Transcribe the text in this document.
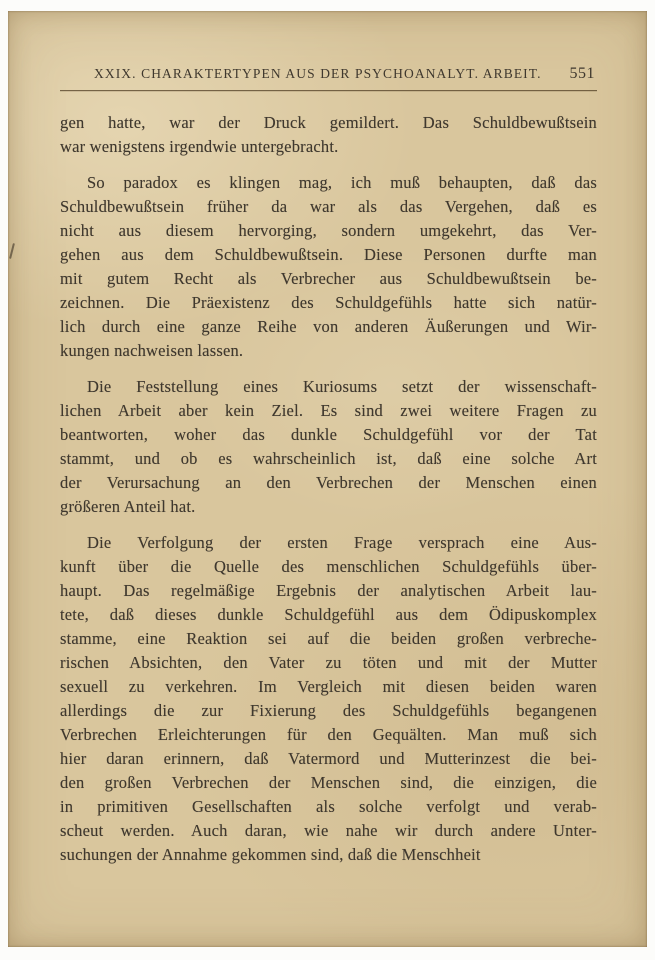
XXIX. CHARAKTERTYPEN AUS DER PSYCHOANALYT. ARBEIT.	551

gen hatte, war der Druck gemildert. Das Schuldbewußtsein
war wenigstens irgendwie untergebracht.

So paradox es klingen mag, ich muß behaupten, daß das
Schuldbewußtsein früher da war als das Vergehen, daß es
nicht aus diesem hervorging, sondern umgekehrt, das Ver-
gehen aus dem Schuldbewußtsein. Diese Personen durfte man
mit gutem Recht als Verbrecher aus Schuldbewußtsein be-
zeichnen. Die Präexistenz des Schuldgefühls hatte sich natür-
lich durch eine ganze Reihe von anderen Äußerungen und Wir-
kungen nachweisen lassen.

Die Feststellung eines Kuriosums setzt der wissenschaft-
lichen Arbeit aber kein Ziel. Es sind zwei weitere Fragen zu
beantworten, woher das dunkle Schuldgefühl vor der Tat
stammt, und ob es wahrscheinlich ist, daß eine solche Art
der Verursachung an den Verbrechen der Menschen einen
größeren Anteil hat.

Die Verfolgung der ersten Frage versprach eine Aus-
kunft über die Quelle des menschlichen Schuldgefühls über-
haupt. Das regelmäßige Ergebnis der analytischen Arbeit lau-
tete, daß dieses dunkle Schuldgefühl aus dem Ödipuskomplex
stamme, eine Reaktion sei auf die beiden großen verbreche-
rischen Absichten, den Vater zu töten und mit der Mutter
sexuell zu verkehren. Im Vergleich mit diesen beiden waren
allerdings die zur Fixierung des Schuldgefühls begangenen
Verbrechen Erleichterungen für den Gequälten. Man muß sich
hier daran erinnern, daß Vatermord und Mutterinzest die bei-
den großen Verbrechen der Menschen sind, die einzigen, die
in primitiven Gesellschaften als solche verfolgt und verab-
scheut werden. Auch daran, wie nahe wir durch andere Unter-
suchungen der Annahme gekommen sind, daß die Menschheit
